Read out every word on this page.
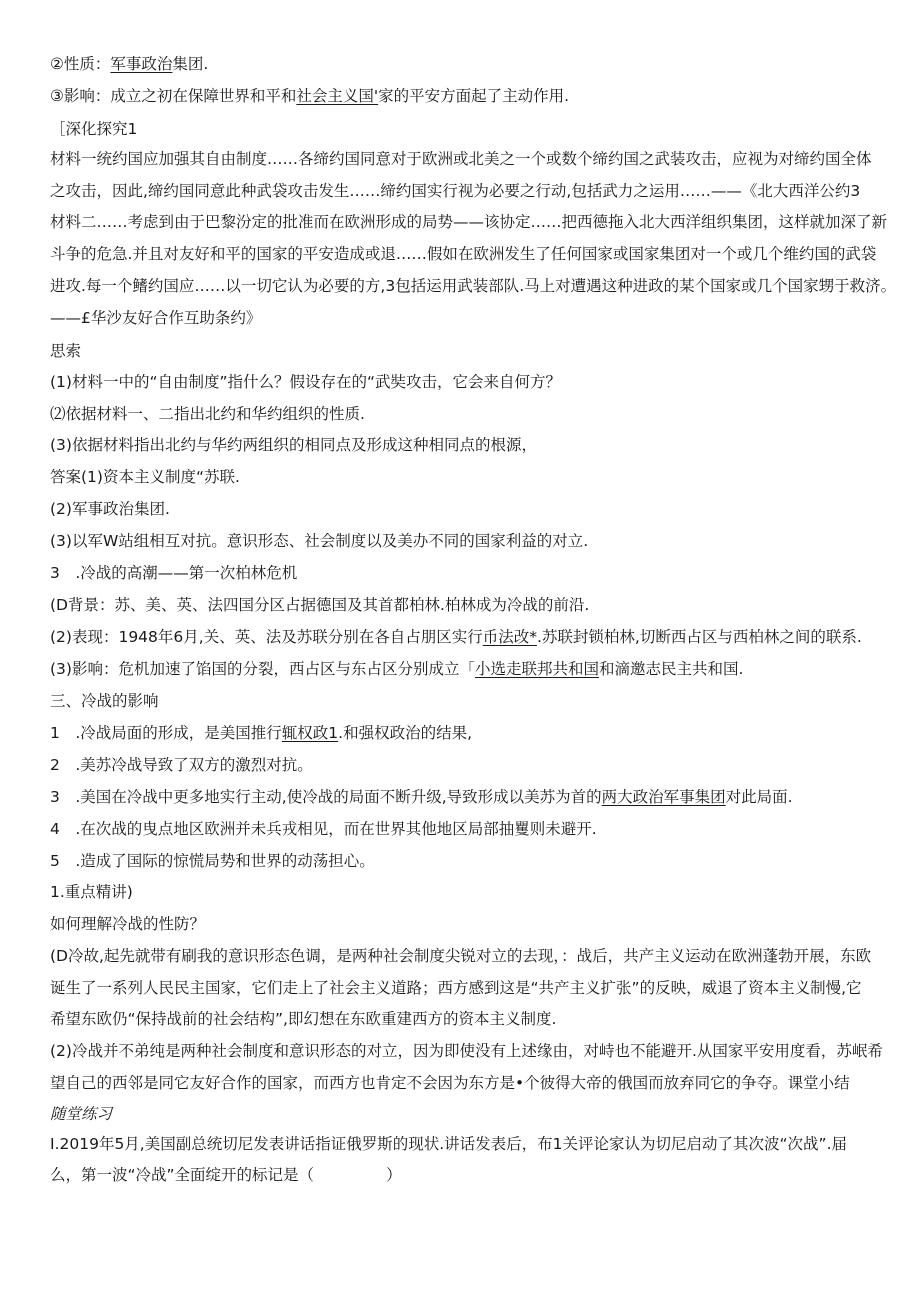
②性质：军事政治集团.
③影响：成立之初在保障世界和平和社会主义国'家的平安方面起了主动作用.
［深化探究1
材料一统约国应加强其自由制度……各缔约国同意对于欧洲或北美之一个或数个缔约国之武装攻击，应视为对缔约国全体
之攻击，因此,缔约国同意此种武袋攻击发生……缔约国实行视为必要之行动,包括武力之运用……——《北大西洋公约3
材料二……考虑到由于巴黎汾定的批准而在欧洲形成的局势——该协定……把西德拖入北大西洋组织集团，这样就加深了新
斗争的危急.并且对友好和平的国家的平安造成或退……假如在欧洲发生了任何国家或国家集团对一个或几个维约国的武袋
进攻.每一个鳍约国应……以一切它认为必要的方,3包括运用武装部队.马上对遭遇这种进政的某个国家或几个国家甥于救济。
——£华沙友好合作互助条约》
思索
(1)材料一中的“自由制度”指什么？假设存在的“武奘攻击，它会来自何方？
⑵依据材料一、二指出北约和华约组织的性质.
(3)依据材料指出北约与华约两组织的相同点及形成这种相同点的根源，
答案(1)资本主义制度“苏联.
(2)军事政治集团.
(3)以军W站组相互对抗。意识形态、社会制度以及美办不同的国家利益的对立.
3　.冷战的高潮——第一次柏林危机
(D背景：苏、美、英、法四国分区占据德国及其首都柏林.柏林成为冷战的前沿.
(2)表现：1948年6月,关、英、法及苏联分别在各自占朋区实行币法改*.苏联封锁柏林,切断西占区与西柏林之间的联系.
(3)影响：危机加速了馅国的分裂，西占区与东占区分别成立「小选走联邦共和国和滴邀志民主共和国.
三、冷战的影响
1　.冷战局面的形成，是美国推行辄权政1.和强权政治的结果,
2　.美苏冷战导致了双方的激烈对抗。
3　.美国在冷战中更多地实行主动,使冷战的局面不断升级,导致形成以美苏为首的两大政治军事集团对此局面.
4　.在次战的曳点地区欧洲并未兵戎相见，而在世界其他地区局部抽矍则未避开.
5　.造成了国际的惊慌局势和世界的动荡担心。
1.重点精讲)
如何理解冷战的性防？
(D冷故,起先就带有刷我的意识形态色调，是两种社会制度尖锐对立的去现，：战后，共产主义运动在欧洲蓬勃开展，东欧
诞生了一系列人民民主国家，它们走上了社会主义道路；西方感到这是“共产主义扩张”的反映，威退了资本主义制慢,它
希望东欧仍“保持战前的社会结构”,即幻想在东欧重建西方的资本主义制度.
(2)冷战并不弟纯是两种社会制度和意识形态的对立，因为即使没有上述缘由，对峙也不能避开.从国家平安用度看，苏岷希
望自己的西邻是同它友好合作的国家，而西方也肯定不会因为东方是•个彼得大帝的俄国而放弃同它的争夺。课堂小结
随堂练习
I.2019年5月,美国副总统切尼发表讲话指证俄罗斯的现状.讲话发表后，布1关评论家认为切尼启动了其次波“次战”.届
么，第一波“冷战”全面绽开的标记是（	）
